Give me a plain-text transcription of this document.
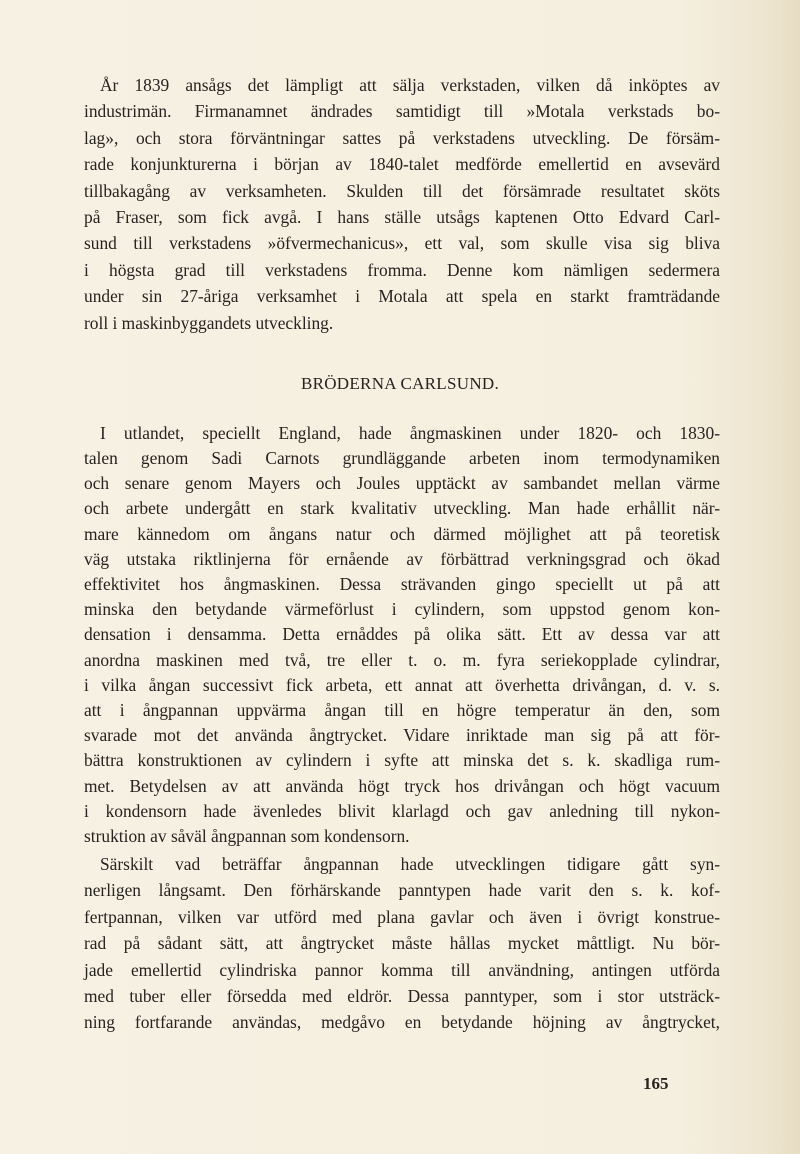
År 1839 ansågs det lämpligt att sälja verkstaden, vilken då inköptes av
industrimän. Firmanamnet ändrades samtidigt till »Motala verkstads bo-
lag», och stora förväntningar sattes på verkstadens utveckling. De försäm-
rade konjunkturerna i början av 1840-talet medförde emellertid en avsevärd
tillbakagång av verksamheten. Skulden till det försämrade resultatet sköts
på Fraser, som fick avgå. I hans ställe utsågs kaptenen Otto Edvard Carl-
sund till verkstadens »öfvermechanicus», ett val, som skulle visa sig bliva
i högsta grad till verkstadens fromma. Denne kom nämligen sedermera
under sin 27-åriga verksamhet i Motala att spela en starkt framträdande
roll i maskinbyggandets utveckling.
BRÖDERNA CARLSUND.
I utlandet, speciellt England, hade ångmaskinen under 1820- och 1830-
talen genom Sadi Carnots grundläggande arbeten inom termodynamiken
och senare genom Mayers och Joules upptäckt av sambandet mellan värme
och arbete undergått en stark kvalitativ utveckling. Man hade erhållit när-
mare kännedom om ångans natur och därmed möjlighet att på teoretisk
väg utstaka riktlinjerna för ernående av förbättrad verkningsgrad och ökad
effektivitet hos ångmaskinen. Dessa strävanden gingo speciellt ut på att
minska den betydande värmeförlust i cylindern, som uppstod genom kon-
densation i densamma. Detta ernåddes på olika sätt. Ett av dessa var att
anordna maskinen med två, tre eller t. o. m. fyra seriekopplade cylindrar,
i vilka ångan successivt fick arbeta, ett annat att överhetta drivångan, d. v. s.
att i ångpannan uppvärma ångan till en högre temperatur än den, som
svarade mot det använda ångtrycket. Vidare inriktade man sig på att för-
bättra konstruktionen av cylindern i syfte att minska det s. k. skadliga rum-
met. Betydelsen av att använda högt tryck hos drivångan och högt vacuum
i kondensorn hade ävenledes blivit klarlagd och gav anledning till nykon-
struktion av såväl ångpannan som kondensorn.
Särskilt vad beträffar ångpannan hade utvecklingen tidigare gått syn-
nerligen långsamt. Den förhärskande panntypen hade varit den s. k. kof-
fertpannan, vilken var utförd med plana gavlar och även i övrigt konstrue-
rad på sådant sätt, att ångtrycket måste hållas mycket måttligt. Nu bör-
jade emellertid cylindriska pannor komma till användning, antingen utförda
med tuber eller försedda med eldrör. Dessa panntyper, som i stor utsträck-
ning fortfarande användas, medgåvo en betydande höjning av ångtrycket,
165
